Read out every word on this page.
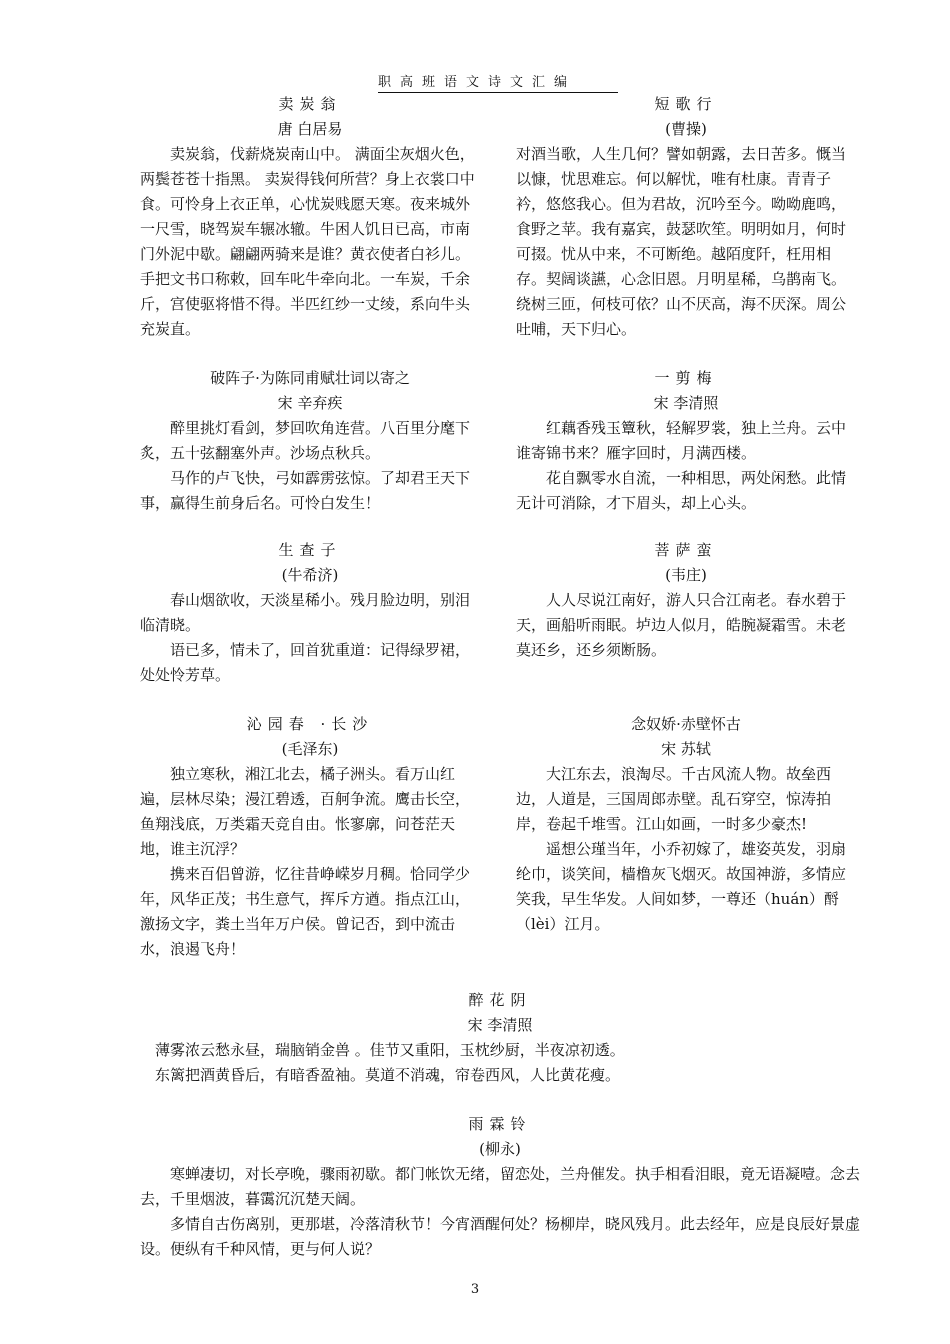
职高班语文诗文汇编
卖炭翁
唐 白居易

卖炭翁，伐薪烧炭南山中。 满面尘灰烟火色，两鬓苍苍十指黑。 卖炭得钱何所营？身上衣裳口中食。可怜身上衣正单，心忧炭贱愿天寒。夜来城外一尺雪，晓驾炭车辗冰辙。牛困人饥日已高，市南门外泥中歇。翩翩两骑来是谁？黄衣使者白衫儿。手把文书口称敕，回车叱牛牵向北。一车炭，千余斤，宫使驱将惜不得。半匹红纱一丈绫，系向牛头充炭直。

短歌行
(曹操)

对酒当歌，人生几何？譬如朝露，去日苦多。慨当以慷，忧思难忘。何以解忧，唯有杜康。青青子衿，悠悠我心。但为君故，沉吟至今。呦呦鹿鸣，食野之苹。我有嘉宾，鼓瑟吹笙。明明如月，何时可掇。忧从中来，不可断绝。越陌度阡，枉用相存。契阔谈讌，心念旧恩。月明星稀，乌鹊南飞。绕树三匝，何枝可依？山不厌高，海不厌深。周公吐哺，天下归心。

破阵子·为陈同甫赋壮词以寄之
宋 辛弃疾

醉里挑灯看剑，梦回吹角连营。八百里分麾下炙，五十弦翻塞外声。沙场点秋兵。

马作的卢飞快，弓如霹雳弦惊。了却君王天下事，赢得生前身后名。可怜白发生！

一剪梅
宋 李清照

红藕香残玉簟秋，轻解罗裳，独上兰舟。云中谁寄锦书来？雁字回时，月满西楼。

花自飘零水自流，一种相思，两处闲愁。此情无计可消除，才下眉头，却上心头。

生查子
(牛希济)

春山烟欲收，天淡星稀小。残月脸边明，别泪临清晓。

语已多，情未了，回首犹重道：记得绿罗裙，处处怜芳草。

菩萨蛮
(韦庄)

人人尽说江南好，游人只合江南老。春水碧于天，画船听雨眠。垆边人似月，皓腕凝霜雪。未老莫还乡，还乡须断肠。

沁园春 ·长沙
(毛泽东)

独立寒秋，湘江北去，橘子洲头。看万山红遍，层林尽染；漫江碧透，百舸争流。鹰击长空，鱼翔浅底，万类霜天竞自由。怅寥廓，问苍茫天地，谁主沉浮？

携来百侣曾游，忆往昔峥嵘岁月稠。恰同学少年，风华正茂；书生意气，挥斥方遒。指点江山，激扬文字，粪土当年万户侯。曾记否，到中流击水，浪遏飞舟！

念奴娇·赤壁怀古
宋 苏轼

大江东去，浪淘尽。千古风流人物。故垒西边，人道是，三国周郎赤壁。乱石穿空，惊涛拍岸，卷起千堆雪。江山如画，一时多少豪杰!

遥想公瑾当年，小乔初嫁了，雄姿英发，羽扇纶巾，谈笑间，樯橹灰飞烟灭。故国神游，多情应笑我，早生华发。人间如梦，一尊还（huán）酹（lèi）江月。

醉花阴
宋 李清照

薄雾浓云愁永昼，瑞脑销金兽 。佳节又重阳，玉枕纱厨，半夜凉初透。

东篱把酒黄昏后，有暗香盈袖。莫道不消魂，帘卷西风，人比黄花瘦。

雨霖铃
(柳永)

寒蝉凄切，对长亭晚，骤雨初歇。都门帐饮无绪，留恋处，兰舟催发。执手相看泪眼，竟无语凝噎。念去去，千里烟波，暮霭沉沉楚天阔。

多情自古伤离别，更那堪，冷落清秋节！今宵酒醒何处？杨柳岸，晓风残月。此去经年，应是良辰好景虚设。便纵有千种风情，更与何人说？

3
